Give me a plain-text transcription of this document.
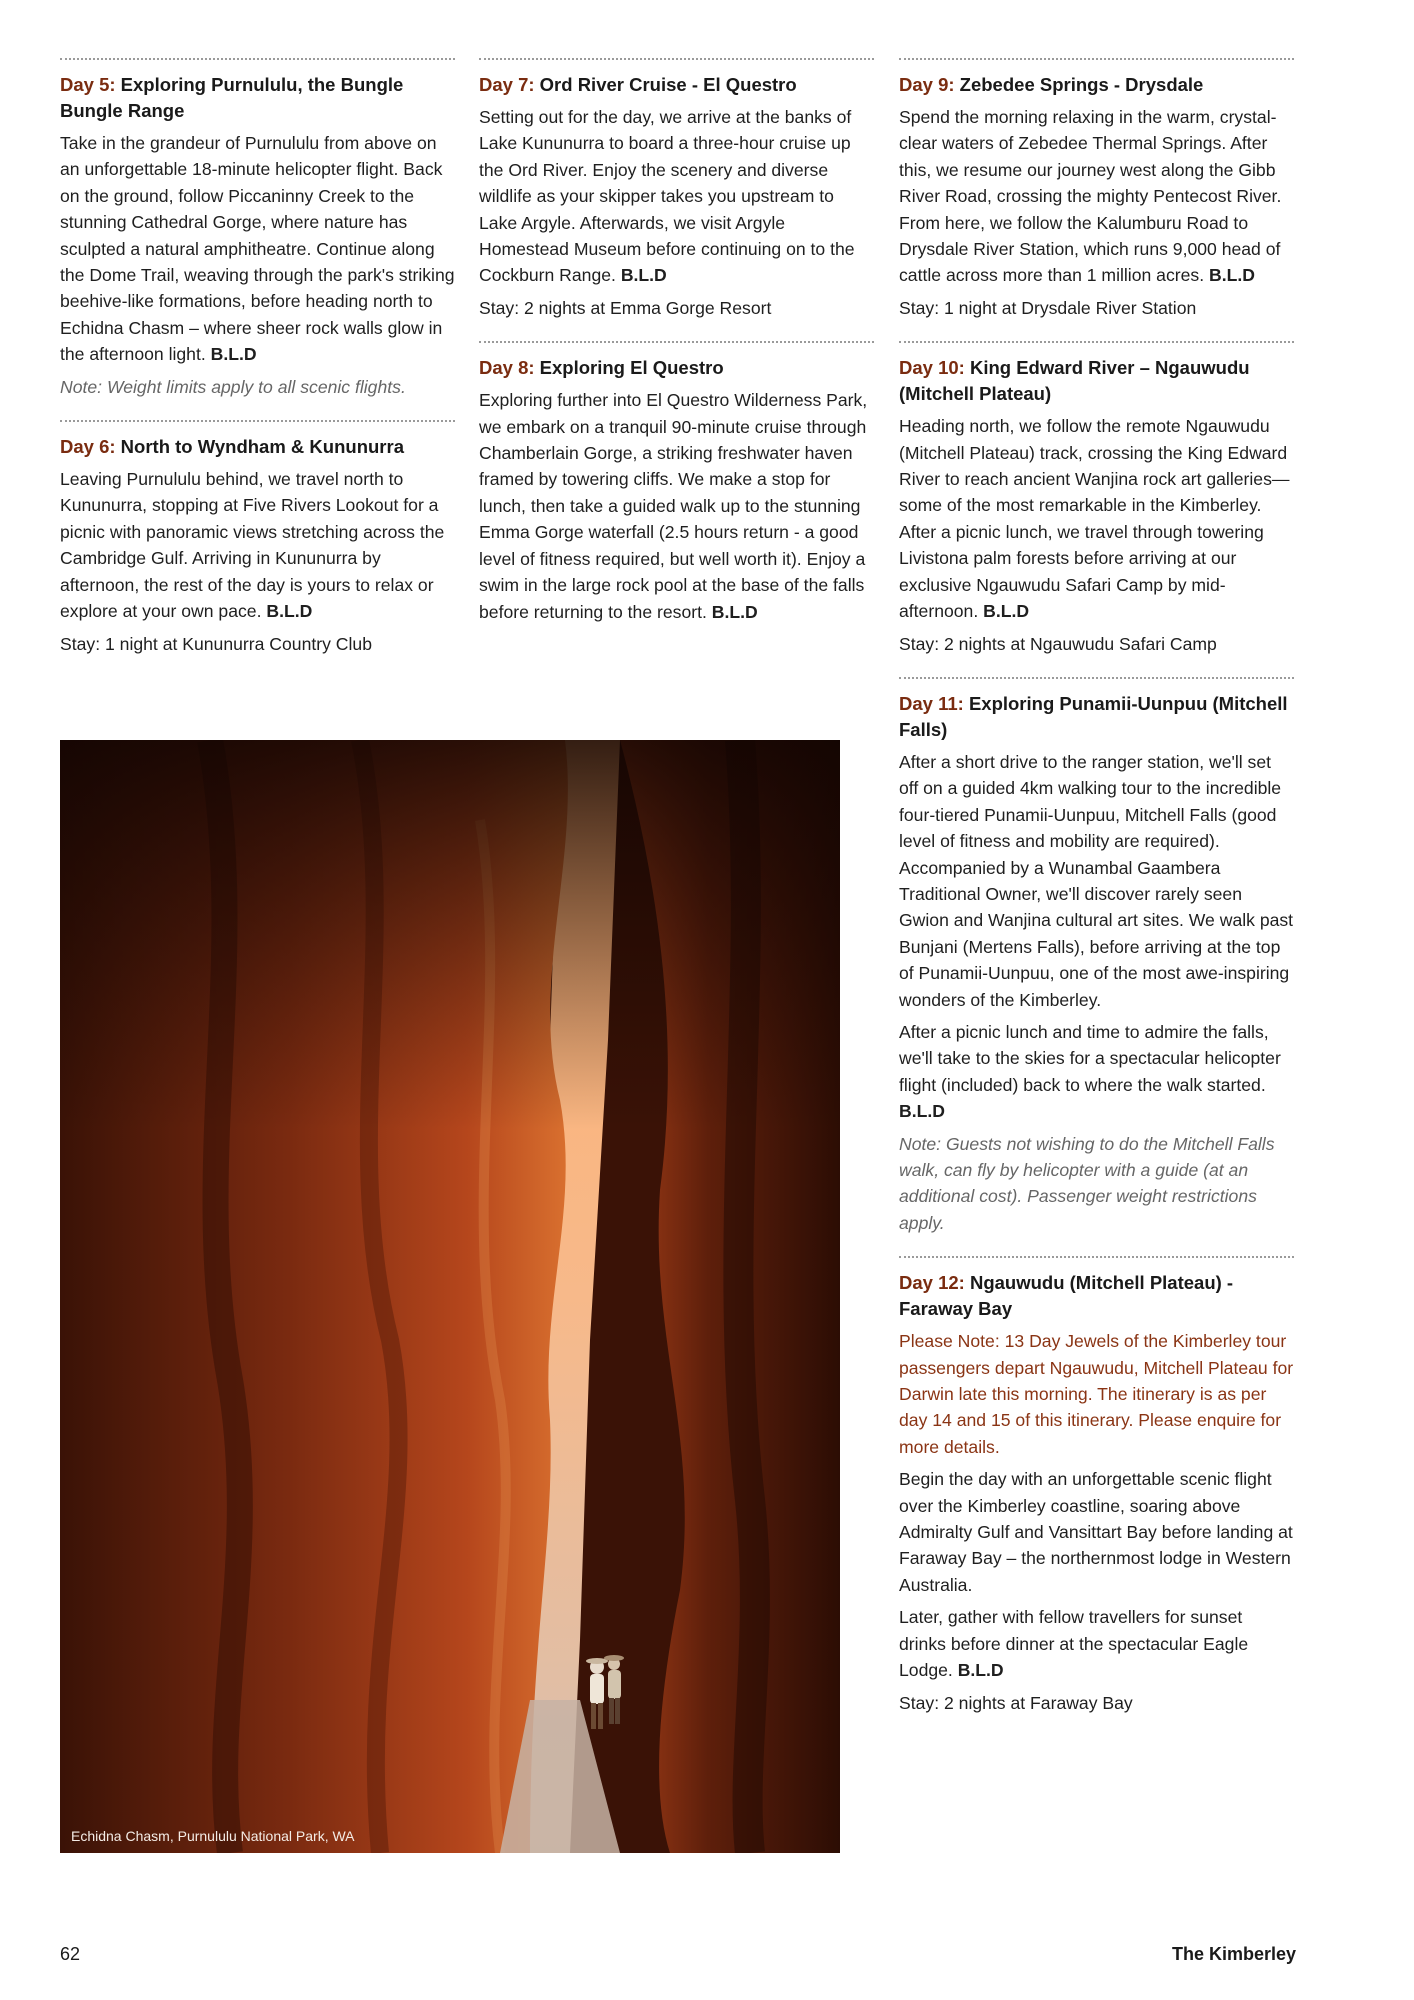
Day 5: Exploring Purnululu, the Bungle Bungle Range

Take in the grandeur of Purnululu from above on an unforgettable 18-minute helicopter flight. Back on the ground, follow Piccaninny Creek to the stunning Cathedral Gorge, where nature has sculpted a natural amphitheatre. Continue along the Dome Trail, weaving through the park's striking beehive-like formations, before heading north to Echidna Chasm – where sheer rock walls glow in the afternoon light. B.L.D

Note: Weight limits apply to all scenic flights.

Day 6: North to Wyndham & Kununurra

Leaving Purnululu behind, we travel north to Kununurra, stopping at Five Rivers Lookout for a picnic with panoramic views stretching across the Cambridge Gulf. Arriving in Kununurra by afternoon, the rest of the day is yours to relax or explore at your own pace. B.L.D

Stay: 1 night at Kununurra Country Club

Day 7: Ord River Cruise - El Questro

Setting out for the day, we arrive at the banks of Lake Kununurra to board a three-hour cruise up the Ord River. Enjoy the scenery and diverse wildlife as your skipper takes you upstream to Lake Argyle. Afterwards, we visit Argyle Homestead Museum before continuing on to the Cockburn Range. B.L.D

Stay: 2 nights at Emma Gorge Resort

Day 8: Exploring El Questro

Exploring further into El Questro Wilderness Park, we embark on a tranquil 90-minute cruise through Chamberlain Gorge, a striking freshwater haven framed by towering cliffs. We make a stop for lunch, then take a guided walk up to the stunning Emma Gorge waterfall (2.5 hours return - a good level of fitness required, but well worth it). Enjoy a swim in the large rock pool at the base of the falls before returning to the resort. B.L.D

Day 9: Zebedee Springs - Drysdale

Spend the morning relaxing in the warm, crystal-clear waters of Zebedee Thermal Springs. After this, we resume our journey west along the Gibb River Road, crossing the mighty Pentecost River. From here, we follow the Kalumburu Road to Drysdale River Station, which runs 9,000 head of cattle across more than 1 million acres. B.L.D

Stay: 1 night at Drysdale River Station

Day 10: King Edward River – Ngauwudu (Mitchell Plateau)

Heading north, we follow the remote Ngauwudu (Mitchell Plateau) track, crossing the King Edward River to reach ancient Wanjina rock art galleries—some of the most remarkable in the Kimberley. After a picnic lunch, we travel through towering Livistona palm forests before arriving at our exclusive Ngauwudu Safari Camp by mid-afternoon. B.L.D

Stay: 2 nights at Ngauwudu Safari Camp

Day 11: Exploring Punamii-Uunpuu (Mitchell Falls)

After a short drive to the ranger station, we'll set off on a guided 4km walking tour to the incredible four-tiered Punamii-Uunpuu, Mitchell Falls (good level of fitness and mobility are required). Accompanied by a Wunambal Gaambera Traditional Owner, we'll discover rarely seen Gwion and Wanjina cultural art sites. We walk past Bunjani (Mertens Falls), before arriving at the top of Punamii-Uunpuu, one of the most awe-inspiring wonders of the Kimberley.

After a picnic lunch and time to admire the falls, we'll take to the skies for a spectacular helicopter flight (included) back to where the walk started. B.L.D

Note: Guests not wishing to do the Mitchell Falls walk, can fly by helicopter with a guide (at an additional cost). Passenger weight restrictions apply.

Day 12: Ngauwudu (Mitchell Plateau) - Faraway Bay

Please Note: 13 Day Jewels of the Kimberley tour passengers depart Ngauwudu, Mitchell Plateau for Darwin late this morning. The itinerary is as per day 14 and 15 of this itinerary. Please enquire for more details.

Begin the day with an unforgettable scenic flight over the Kimberley coastline, soaring above Admiralty Gulf and Vansittart Bay before landing at Faraway Bay – the northernmost lodge in Western Australia.

Later, gather with fellow travellers for sunset drinks before dinner at the spectacular Eagle Lodge. B.L.D

Stay: 2 nights at Faraway Bay

Echidna Chasm, Purnululu National Park, WA
62	The Kimberley
